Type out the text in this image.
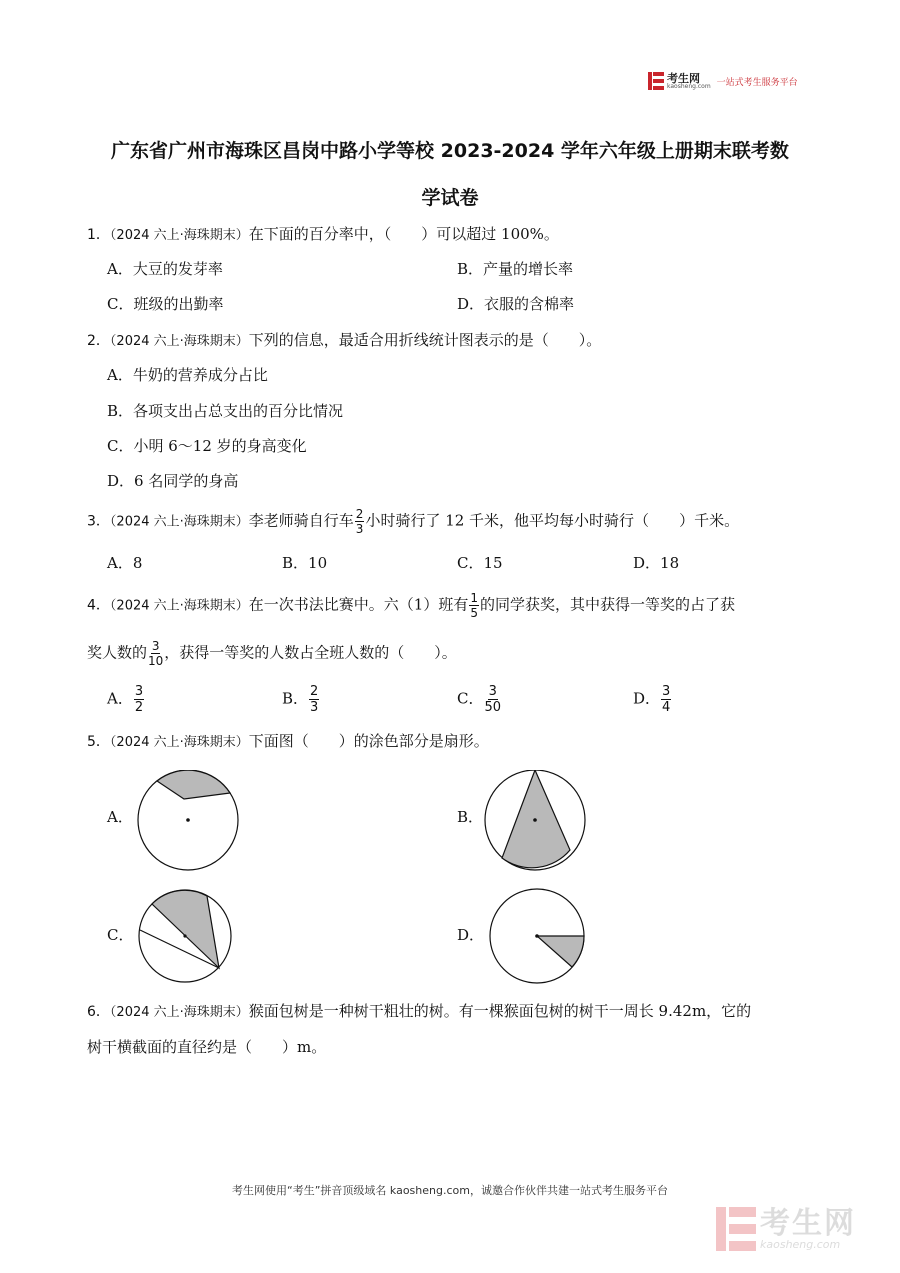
考生网
kaosheng.com 一站式考生服务平台
广东省广州市海珠区昌岗中路小学等校 2023-2024 学年六年级上册期末联考数
学试卷
1．（2024 六上·海珠期末）在下面的百分率中，（　　）可以超过 100%。
A．大豆的发芽率	B．产量的增长率
C．班级的出勤率	D．衣服的含棉率
2．（2024 六上·海珠期末）下列的信息，最适合用折线统计图表示的是（　　）。
A．牛奶的营养成分占比
B．各项支出占总支出的百分比情况
C．小明 6～12 岁的身高变化
D．6 名同学的身高
3．（2024 六上·海珠期末）李老师骑自行车 $\frac{2}{3}$ 小时骑行了 12 千米，他平均每小时骑行（　　）千米。
A．8	B．10	C．15	D．18
4．（2024 六上·海珠期末）在一次书法比赛中。六（1）班有 $\frac{1}{5}$ 的同学获奖，其中获得一等奖的占了获
奖人数的 $\frac{3}{10}$ ，获得一等奖的人数占全班人数的（　　）。
A． $\frac{3}{2}$	B． $\frac{2}{3}$	C． $\frac{3}{50}$	D． $\frac{3}{4}$
5．（2024 六上·海珠期末）下面图（　　）的涂色部分是扇形。
A．	B．
C．	D．
6．（2024 六上·海珠期末）猴面包树是一种树干粗壮的树。有一棵猴面包树的树干一周长 9.42m，它的
树干横截面的直径约是（　　）m。
考生网使用“考生”拼音顶级域名 kaosheng.com，诚邀合作伙伴共建一站式考生服务平台
考生网
kaosheng.com
